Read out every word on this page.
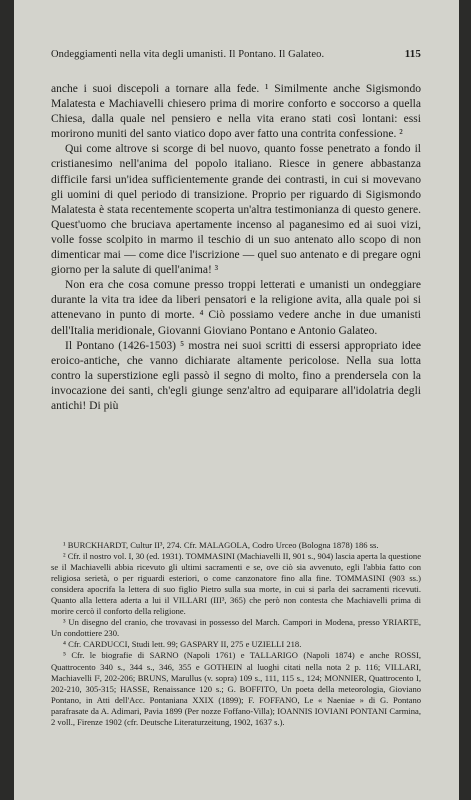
Ondeggiamenti nella vita degli umanisti. Il Pontano. Il Galateo.	115

anche i suoi discepoli a tornare alla fede. ¹ Similmente anche Sigismondo Malatesta e Machiavelli chiesero prima di morire conforto e soccorso a quella Chiesa, dalla quale nel pensiero e nella vita erano stati così lontani: essi morirono muniti del santo viatico dopo aver fatto una contrita confessione. ²

Qui come altrove si scorge di bel nuovo, quanto fosse penetrato a fondo il cristianesimo nell'anima del popolo italiano. Riesce in genere abbastanza difficile farsi un'idea sufficientemente grande dei contrasti, in cui si movevano gli uomini di quel periodo di transizione. Proprio per riguardo di Sigismondo Malatesta è stata recentemente scoperta un'altra testimonianza di questo genere. Quest'uomo che bruciava apertamente incenso al paganesimo ed ai suoi vizi, volle fosse scolpito in marmo il teschio di un suo antenato allo scopo di non dimenticar mai — come dice l'iscrizione — quel suo antenato e di pregare ogni giorno per la salute di quell'anima! ³

Non era che cosa comune presso troppi letterati e umanisti un ondeggiare durante la vita tra idee da liberi pensatori e la religione avita, alla quale poi si attenevano in punto di morte. ⁴ Ciò possiamo vedere anche in due umanisti dell'Italia meridionale, Giovanni Gioviano Pontano e Antonio Galateo.

Il Pontano (1426-1503) ⁵ mostra nei suoi scritti di essersi appropriato idee eroico-antiche, che vanno dichiarate altamente pericolose. Nella sua lotta contro la superstizione egli passò il segno di molto, fino a prendersela con la invocazione dei santi, ch'egli giunge senz'altro ad equiparare all'idolatria degli antichi! Di più

¹ BURCKHARDT, Cultur II³, 274. Cfr. MALAGOLA, Codro Urceo (Bologna 1878) 186 ss.

² Cfr. il nostro vol. I, 30 (ed. 1931). TOMMASINI (Machiavelli II, 901 s., 904) lascia aperta la questione se il Machiavelli abbia ricevuto gli ultimi sacramenti e se, ove ciò sia avvenuto, egli l'abbia fatto con religiosa serietà, o per riguardi esteriori, o come canzonatore fino alla fine. TOMMASINI (903 ss.) considera apocrifa la lettera di suo figlio Pietro sulla sua morte, in cui si parla dei sacramenti ricevuti. Quanto alla lettera aderta a lui il VILLARI (III³, 365) che però non contesta che Machiavelli prima di morire cercò il conforto della religione.

³ Un disegno del cranio, che trovavasi in possesso del March. Campori in Modena, presso YRIARTE, Un condottiere 230.

⁴ Cfr. CARDUCCI, Studi lett. 99; GASPARY II, 275 e UZIELLI 218.

⁵ Cfr. le biografie di SARNO (Napoli 1761) e TALLARIGO (Napoli 1874) e anche ROSSI, Quattrocento 340 s., 344 s., 346, 355 e GOTHEIN al luoghi citati nella nota 2 p. 116; VILLARI, Machiavelli I², 202-206; BRUNS, Marullus (v. sopra) 109 s., 111, 115 s., 124; MONNIER, Quattrocento I, 202-210, 305-315; HASSE, Renaissance 120 s.; G. BOFFITO, Un poeta della meteorologia, Gioviano Pontano, in Atti dell'Acc. Pontaniana XXIX (1899); F. FOFFANO, Le « Naeniae » di G. Pontano parafrasate da A. Adimari, Pavia 1899 (Per nozze Foffano-Villa); IOANNIS IOVIANI PONTANI Carmina, 2 voll., Firenze 1902 (cfr. Deutsche Literaturzeitung, 1902, 1637 s.).
